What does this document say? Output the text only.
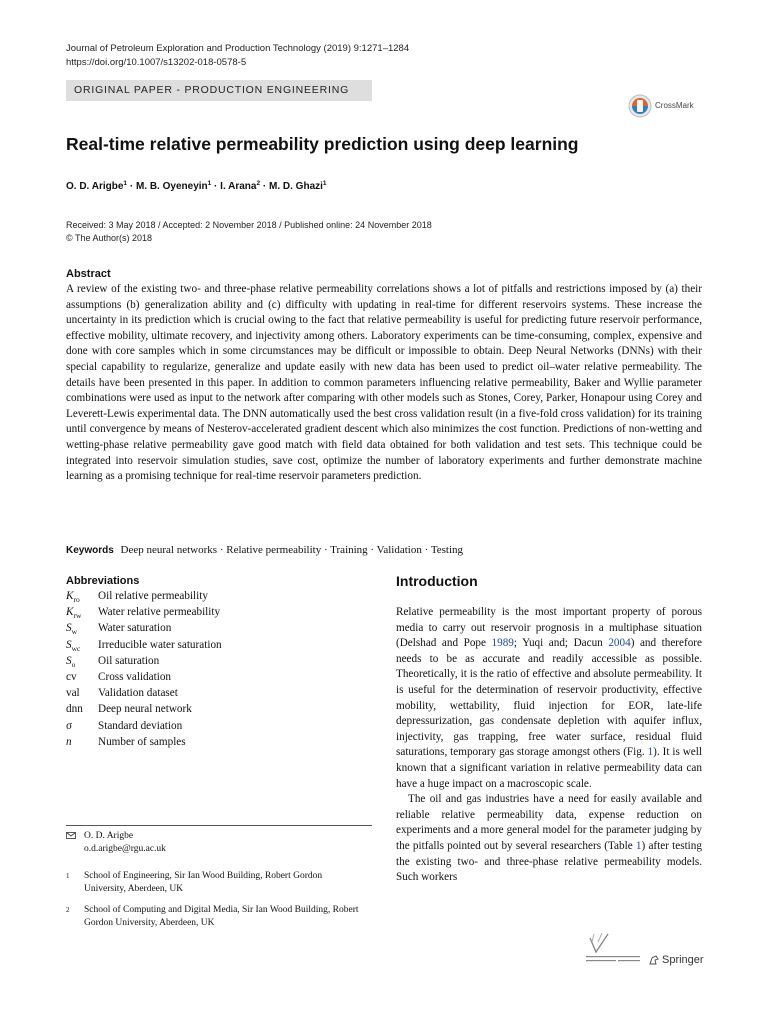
Journal of Petroleum Exploration and Production Technology (2019) 9:1271–1284
https://doi.org/10.1007/s13202-018-0578-5
ORIGINAL PAPER - PRODUCTION ENGINEERING
CrossMark
Real-time relative permeability prediction using deep learning
O. D. Arigbe$^1$ · M. B. Oyeneyin$^1$ · I. Arana$^2$ · M. D. Ghazi$^1$
Received: 3 May 2018 / Accepted: 2 November 2018 / Published online: 24 November 2018
© The Author(s) 2018
Abstract
A review of the existing two- and three-phase relative permeability correlations shows a lot of pitfalls and restrictions imposed by (a) their assumptions (b) generalization ability and (c) difficulty with updating in real-time for different reservoirs systems. These increase the uncertainty in its prediction which is crucial owing to the fact that relative permeability is useful for predicting future reservoir performance, effective mobility, ultimate recovery, and injectivity among others. Laboratory experiments can be time-consuming, complex, expensive and done with core samples which in some circumstances may be difficult or impossible to obtain. Deep Neural Networks (DNNs) with their special capability to regularize, generalize and update easily with new data has been used to predict oil–water relative permeability. The details have been presented in this paper. In addition to common parameters influencing relative permeability, Baker and Wyllie parameter combinations were used as input to the network after comparing with other models such as Stones, Corey, Parker, Honapour using Corey and Leverett-Lewis experimental data. The DNN automatically used the best cross validation result (in a five-fold cross validation) for its training until convergence by means of Nesterov-accelerated gradient descent which also minimizes the cost function. Predictions of non-wetting and wetting-phase relative permeability gave good match with field data obtained for both validation and test sets. This technique could be integrated into reservoir simulation studies, save cost, optimize the number of laboratory experiments and further demonstrate machine learning as a promising technique for real-time reservoir parameters prediction.
Keywords Deep neural networks · Relative permeability · Training · Validation · Testing
Abbreviations
$K_{ro}$ Oil relative permeability
$K_{rw}$ Water relative permeability
$S_w$ Water saturation
$S_{wc}$ Irreducible water saturation
$S_o$ Oil saturation
cv Cross validation
val Validation dataset
dnn Deep neural network
σ Standard deviation
n Number of samples
O. D. Arigbe
o.d.arigbe@rgu.ac.uk
1 School of Engineering, Sir Ian Wood Building, Robert Gordon University, Aberdeen, UK
2 School of Computing and Digital Media, Sir Ian Wood Building, Robert Gordon University, Aberdeen, UK
Introduction

Relative permeability is the most important property of porous media to carry out reservoir prognosis in a multiphase situation (Delshad and Pope 1989; Yuqi and; Dacun 2004) and therefore needs to be as accurate and readily accessible as possible. Theoretically, it is the ratio of effective and absolute permeability. It is useful for the determination of reservoir productivity, effective mobility, wettability, fluid injection for EOR, late-life depressurization, gas condensate depletion with aquifer influx, injectivity, gas trapping, free water surface, residual fluid saturations, temporary gas storage amongst others (Fig. 1). It is well known that a significant variation in relative permeability data can have a huge impact on a macroscopic scale.

The oil and gas industries have a need for easily available and reliable relative permeability data, expense reduction on experiments and a more general model for the parameter judging by the pitfalls pointed out by several researchers (Table 1) after testing the existing two- and three-phase relative permeability models. Such workers

Springer
